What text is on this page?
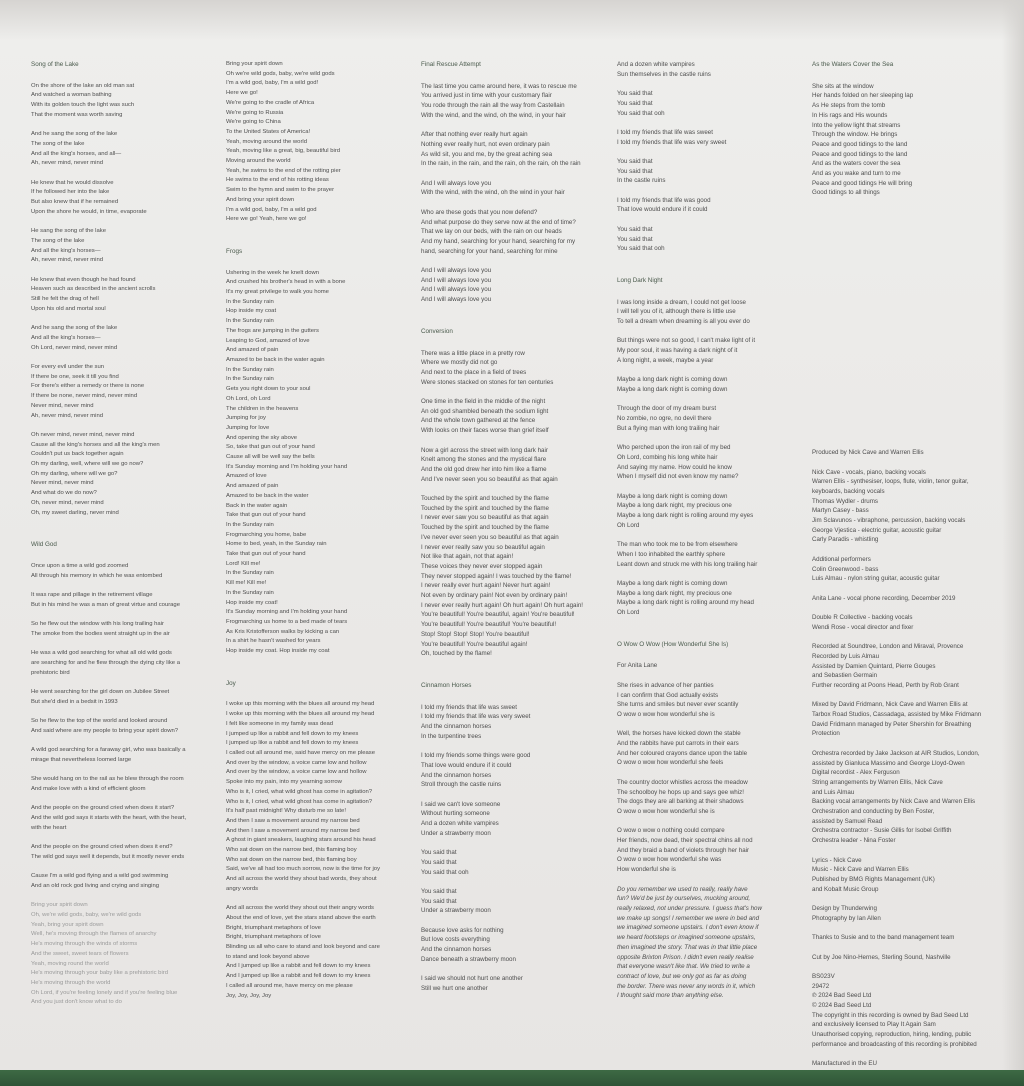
Song of the Lake
On the shore of the lake an old man sat
And watched a woman bathing
With its golden touch the light was such
That the moment was worth saving
And he sang the song of the lake
The song of the lake
And all the king's horses, and all—
Ah, never mind, never mind
He knew that he would dissolve
If he followed her into the lake
But also knew that if he remained
Upon the shore he would, in time, evaporate
He sang the song of the lake
The song of the lake
And all the king's horses—
Ah, never mind, never mind
He knew that even though he had found
Heaven such as described in the ancient scrolls
Still he felt the drag of hell
Upon his old and mortal soul
And he sang the song of the lake
And all the king's horses—
Oh Lord, never mind, never mind
For every evil under the sun
If there be one, seek it till you find
For there's either a remedy or there is none
If there be none, never mind, never mind
Never mind, never mind
Ah, never mind, never mind
Oh never mind, never mind, never mind
Cause all the king's horses and all the king's men
Couldn't put us back together again
Oh my darling, well, where will we go now?
Oh my darling, where will we go?
Never mind, never mind
And what do we do now?
Oh, never mind, never mind
Oh, my sweet darling, never mind
Wild God
Once upon a time a wild god zoomed
All through his memory in which he was entombed
It was rape and pillage in the retirement village
But in his mind he was a man of great virtue and courage
So he flew out the window with his long trailing hair
The smoke from the bodies went straight up in the air
He was a wild god searching for what all old wild gods
are searching for and he flew through the dying city like a
prehistoric bird
He went searching for the girl down on Jubilee Street
But she'd died in a bedsit in 1993
So he flew to the top of the world and looked around
And said where are my people to bring your spirit down?
A wild god searching for a faraway girl, who was basically a
mirage that nevertheless loomed large
She would hang on to the rail as he blew through the room
And make love with a kind of efficient gloom
And the people on the ground cried when does it start?
And the wild god says it starts with the heart, with the heart,
with the heart
And the people on the ground cried when does it end?
The wild god says well it depends, but it mostly never ends
Cause I'm a wild god flying and a wild god swimming
And an old rock god living and crying and singing
Bring your spirit down
Oh, we're wild gods, baby, we're wild gods
Yeah, bring your spirit down
Well, he's moving through the flames of anarchy
He's moving through the winds of storms
And the sweet, sweet tears of flowers
Yeah, moving round the world
He's moving through your baby like a prehistoric bird
He's moving through the world
Oh Lord, if you're feeling lonely and if you're feeling blue
And you just don't know what to do
Bring your spirit down
Oh we're wild gods, baby, we're wild gods
I'm a wild god, baby, I'm a wild god!
Here we go!
We're going to the cradle of Africa
We're going to Russia
We're going to China
To the United States of America!
Yeah, moving around the world
Yeah, moving like a great, big, beautiful bird
Moving around the world
Yeah, he swims to the end of the rotting pier
He swims to the end of his rotting ideas
Swim to the hymn and swim to the prayer
And bring your spirit down
I'm a wild god, baby, I'm a wild god
Here we go! Yeah, here we go!
Frogs
Ushering in the week he knelt down
And crushed his brother's head in with a bone
It's my great privilege to walk you home
In the Sunday rain
Hop inside my coat
In the Sunday rain
The frogs are jumping in the gutters
Leaping to God, amazed of love
And amazed of pain
Amazed to be back in the water again
In the Sunday rain
In the Sunday rain
Gets you right down to your soul
Oh Lord, oh Lord
The children in the heavens
Jumping for joy
Jumping for love
And opening the sky above
So, take that gun out of your hand
Cause all will be well say the bells
It's Sunday morning and I'm holding your hand
Amazed of love
And amazed of pain
Amazed to be back in the water
Back in the water again
Take that gun out of your hand
In the Sunday rain
Frogmarching you home, babe
Home to bed, yeah, in the Sunday rain
Take that gun out of your hand
Lord! Kill me!
In the Sunday rain
Kill me! Kill me!
In the Sunday rain
Hop inside my coat!
It's Sunday morning and I'm holding your hand
Frogmarching us home to a bed made of tears
As Kris Kristofferson walks by kicking a can
In a shirt he hasn't washed for years
Hop inside my coat. Hop inside my coat
Joy
I woke up this morning with the blues all around my head
I woke up this morning with the blues all around my head
I felt like someone in my family was dead
I jumped up like a rabbit and fell down to my knees
I jumped up like a rabbit and fell down to my knees
I called out all around me, said have mercy on me please
And over by the window, a voice came low and hollow
And over by the window, a voice came low and hollow
Spoke into my pain, into my yearning sorrow
Who is it, I cried, what wild ghost has come in agitation?
Who is it, I cried, what wild ghost has come in agitation?
It's half past midnight! Why disturb me so late!
And then I saw a movement around my narrow bed
And then I saw a movement around my narrow bed
A ghost in giant sneakers, laughing stars around his head
Who sat down on the narrow bed, this flaming boy
Who sat down on the narrow bed, this flaming boy
Said, we've all had too much sorrow, now is the time for joy
And all across the world they shout bad words, they shout
angry words
And all across the world they shout out their angry words
About the end of love, yet the stars stand above the earth
Bright, triumphant metaphors of love
Bright, triumphant metaphors of love
Blinding us all who care to stand and look beyond and care
to stand and look beyond above
And I jumped up like a rabbit and fell down to my knees
And I jumped up like a rabbit and fell down to my knees
I called all around me, have mercy on me please
Joy, Joy, Joy, Joy
Final Rescue Attempt
The last time you came around here, it was to rescue me
You arrived just in time with your customary flair
You rode through the rain all the way from Castellain
With the wind, and the wind, oh the wind, in your hair
After that nothing ever really hurt again
Nothing ever really hurt, not even ordinary pain
As wild sit, you and me, by the great aching sea
In the rain, in the rain, and the rain, oh the rain, oh the rain
And I will always love you
With the wind, with the wind, oh the wind in your hair
Who are these gods that you now defend?
And what purpose do they serve now at the end of time?
That we lay on our beds, with the rain on our heads
And my hand, searching for your hand, searching for my
hand, searching for your hand, searching for mine
And I will always love you
And I will always love you
And I will always love you
And I will always love you
Conversion
There was a little place in a pretty row
Where we mostly did not go
And next to the place in a field of trees
Were stones stacked on stones for ten centuries
One time in the field in the middle of the night
An old god shambled beneath the sodium light
And the whole town gathered at the fence
With looks on their faces worse than grief itself
Now a girl across the street with long dark hair
Knelt among the stones and the mystical flare
And the old god drew her into him like a flame
And I've never seen you so beautiful as that again
Touched by the spirit and touched by the flame
Touched by the spirit and touched by the flame
I never ever saw you so beautiful as that again
Touched by the spirit and touched by the flame
I've never ever seen you so beautiful as that again
I never ever really saw you so beautiful again
Not like that again, not that again!
These voices they never ever stopped again
They never stopped again! I was touched by the flame!
I never really ever hurt again! Never hurt again!
Not even by ordinary pain! Not even by ordinary pain!
I never ever really hurt again! Oh hurt again! Oh hurt again!
You're beautiful! You're beautiful, again! You're beautiful!
You're beautiful! You're beautiful! You're beautiful!
Stop! Stop! Stop! Stop! You're beautiful!
You're beautiful! You're beautiful again!
Oh, touched by the flame!
Cinnamon Horses
I told my friends that life was sweet
I told my friends that life was very sweet
And the cinnamon horses
In the turpentine trees
I told my friends some things were good
That love would endure if it could
And the cinnamon horses
Stroll through the castle ruins
I said we can't love someone
Without hurting someone
And a dozen white vampires
Under a strawberry moon
You said that
You said that
You said that ooh
You said that
You said that
Under a strawberry moon
Because love asks for nothing
But love costs everything
And the cinnamon horses
Dance beneath a strawberry moon
I said we should not hurt one another
Still we hurt one another
And a dozen white vampires
Sun themselves in the castle ruins
You said that
You said that
You said that ooh
I told my friends that life was sweet
I told my friends that life was very sweet
You said that
You said that
In the castle ruins
I told my friends that life was good
That love would endure if it could
You said that
You said that
You said that ooh
Long Dark Night
I was long inside a dream, I could not get loose
I will tell you of it, although there is little use
To tell a dream when dreaming is all you ever do
But things were not so good, I can't make light of it
My poor soul, it was having a dark night of it
A long night, a week, maybe a year
Maybe a long dark night is coming down
Maybe a long dark night is coming down
Through the door of my dream burst
No zombie, no ogre, no devil there
But a flying man with long trailing hair
Who perched upon the iron rail of my bed
Oh Lord, combing his long white hair
And saying my name. How could he know
When I myself did not even know my name?
Maybe a long dark night is coming down
Maybe a long dark night, my precious one
Maybe a long dark night is rolling around my eyes
Oh Lord
The man who took me to be from elsewhere
When I too inhabited the earthly sphere
Leant down and struck me with his long trailing hair
Maybe a long dark night is coming down
Maybe a long dark night, my precious one
Maybe a long dark night is rolling around my head
Oh Lord
O Wow O Wow (How Wonderful She Is)
For Anita Lane
She rises in advance of her panties
I can confirm that God actually exists
She turns and smiles but never ever scantily
O wow o wow how wonderful she is
Well, the horses have kicked down the stable
And the rabbits have put carrots in their ears
And her coloured crayons dance upon the table
O wow o wow how wonderful she feels
The country doctor whistles across the meadow
The schoolboy he hops up and says gee whiz!
The dogs they are all barking at their shadows
O wow o wow how wonderful she is
O wow o wow o nothing could compare
Her friends, now dead, their spectral chins all nod
And they braid a band of violets through her hair
O wow o wow how wonderful she was
How wonderful she is
Do you remember we used to really, really have
fun? We'd be just by ourselves, mucking around,
really relaxed, not under pressure. I guess that's how
we make up songs! I remember we were in bed and
we imagined someone upstairs. I don't even know if
we heard footsteps or imagined someone upstairs,
then imagined the story. That was in that little place
opposite Brixton Prison. I didn't even really realise
that everyone wasn't like that. We tried to write a
contract of love, but we only got as far as doing
the border. There was never any words in it, which
I thought said more than anything else.
As the Waters Cover the Sea
She sits at the window
Her hands folded on her sleeping lap
As He steps from the tomb
In His rags and His wounds
Into the yellow light that streams
Through the window. He brings
Peace and good tidings to the land
Peace and good tidings to the land
And as the waters cover the sea
And as you wake and turn to me
Peace and good tidings He will bring
Good tidings to all things
Produced by Nick Cave and Warren Ellis
Nick Cave - vocals, piano, backing vocals
Warren Ellis - synthesiser, loops, flute, violin, tenor guitar,
keyboards, backing vocals
Thomas Wydler - drums
Martyn Casey - bass
Jim Sclavunos - vibraphone, percussion, backing vocals
George Vjestica - electric guitar, acoustic guitar
Carly Paradis - whistling
Additional performers
Colin Greenwood - bass
Luis Almau - nylon string guitar, acoustic guitar
Anita Lane - vocal phone recording, December 2019
Double R Collective - backing vocals
Wendi Rose - vocal director and fixer
Recorded at Soundtree, London and Miraval, Provence
Recorded by Luis Almau
Assisted by Damien Quintard, Pierre Gouges
and Sebastien Germain
Further recording at Poons Head, Perth by Rob Grant
Mixed by David Fridmann, Nick Cave and Warren Ellis at
Tarbox Road Studios, Cassadaga, assisted by Mike Fridmann
David Fridmann managed by Peter Shershin for Breathing
Protection
Orchestra recorded by Jake Jackson at AIR Studios, London,
assisted by Gianluca Massimo and George Lloyd-Owen
Digital recordist - Alex Ferguson
String arrangements by Warren Ellis, Nick Cave
and Luis Almau
Backing vocal arrangements by Nick Cave and Warren Ellis
Orchestration and conducting by Ben Foster,
assisted by Samuel Read
Orchestra contractor - Susie Gillis for Isobel Griffith
Orchestra leader - Nina Foster
Lyrics - Nick Cave
Music - Nick Cave and Warren Ellis
Published by BMG Rights Management (UK)
and Kobalt Music Group
Design by Thunderwing
Photography by Ian Allen
Thanks to Susie and to the band management team
Cut by Joe Nino-Hernes, Sterling Sound, Nashville
BS023V
29472
℗ 2024 Bad Seed Ltd
© 2024 Bad Seed Ltd
The copyright in this recording is owned by Bad Seed Ltd
and exclusively licensed to Play It Again Sam
Unauthorised copying, reproduction, hiring, lending, public
performance and broadcasting of this recording is prohibited
Manufactured in the EU
